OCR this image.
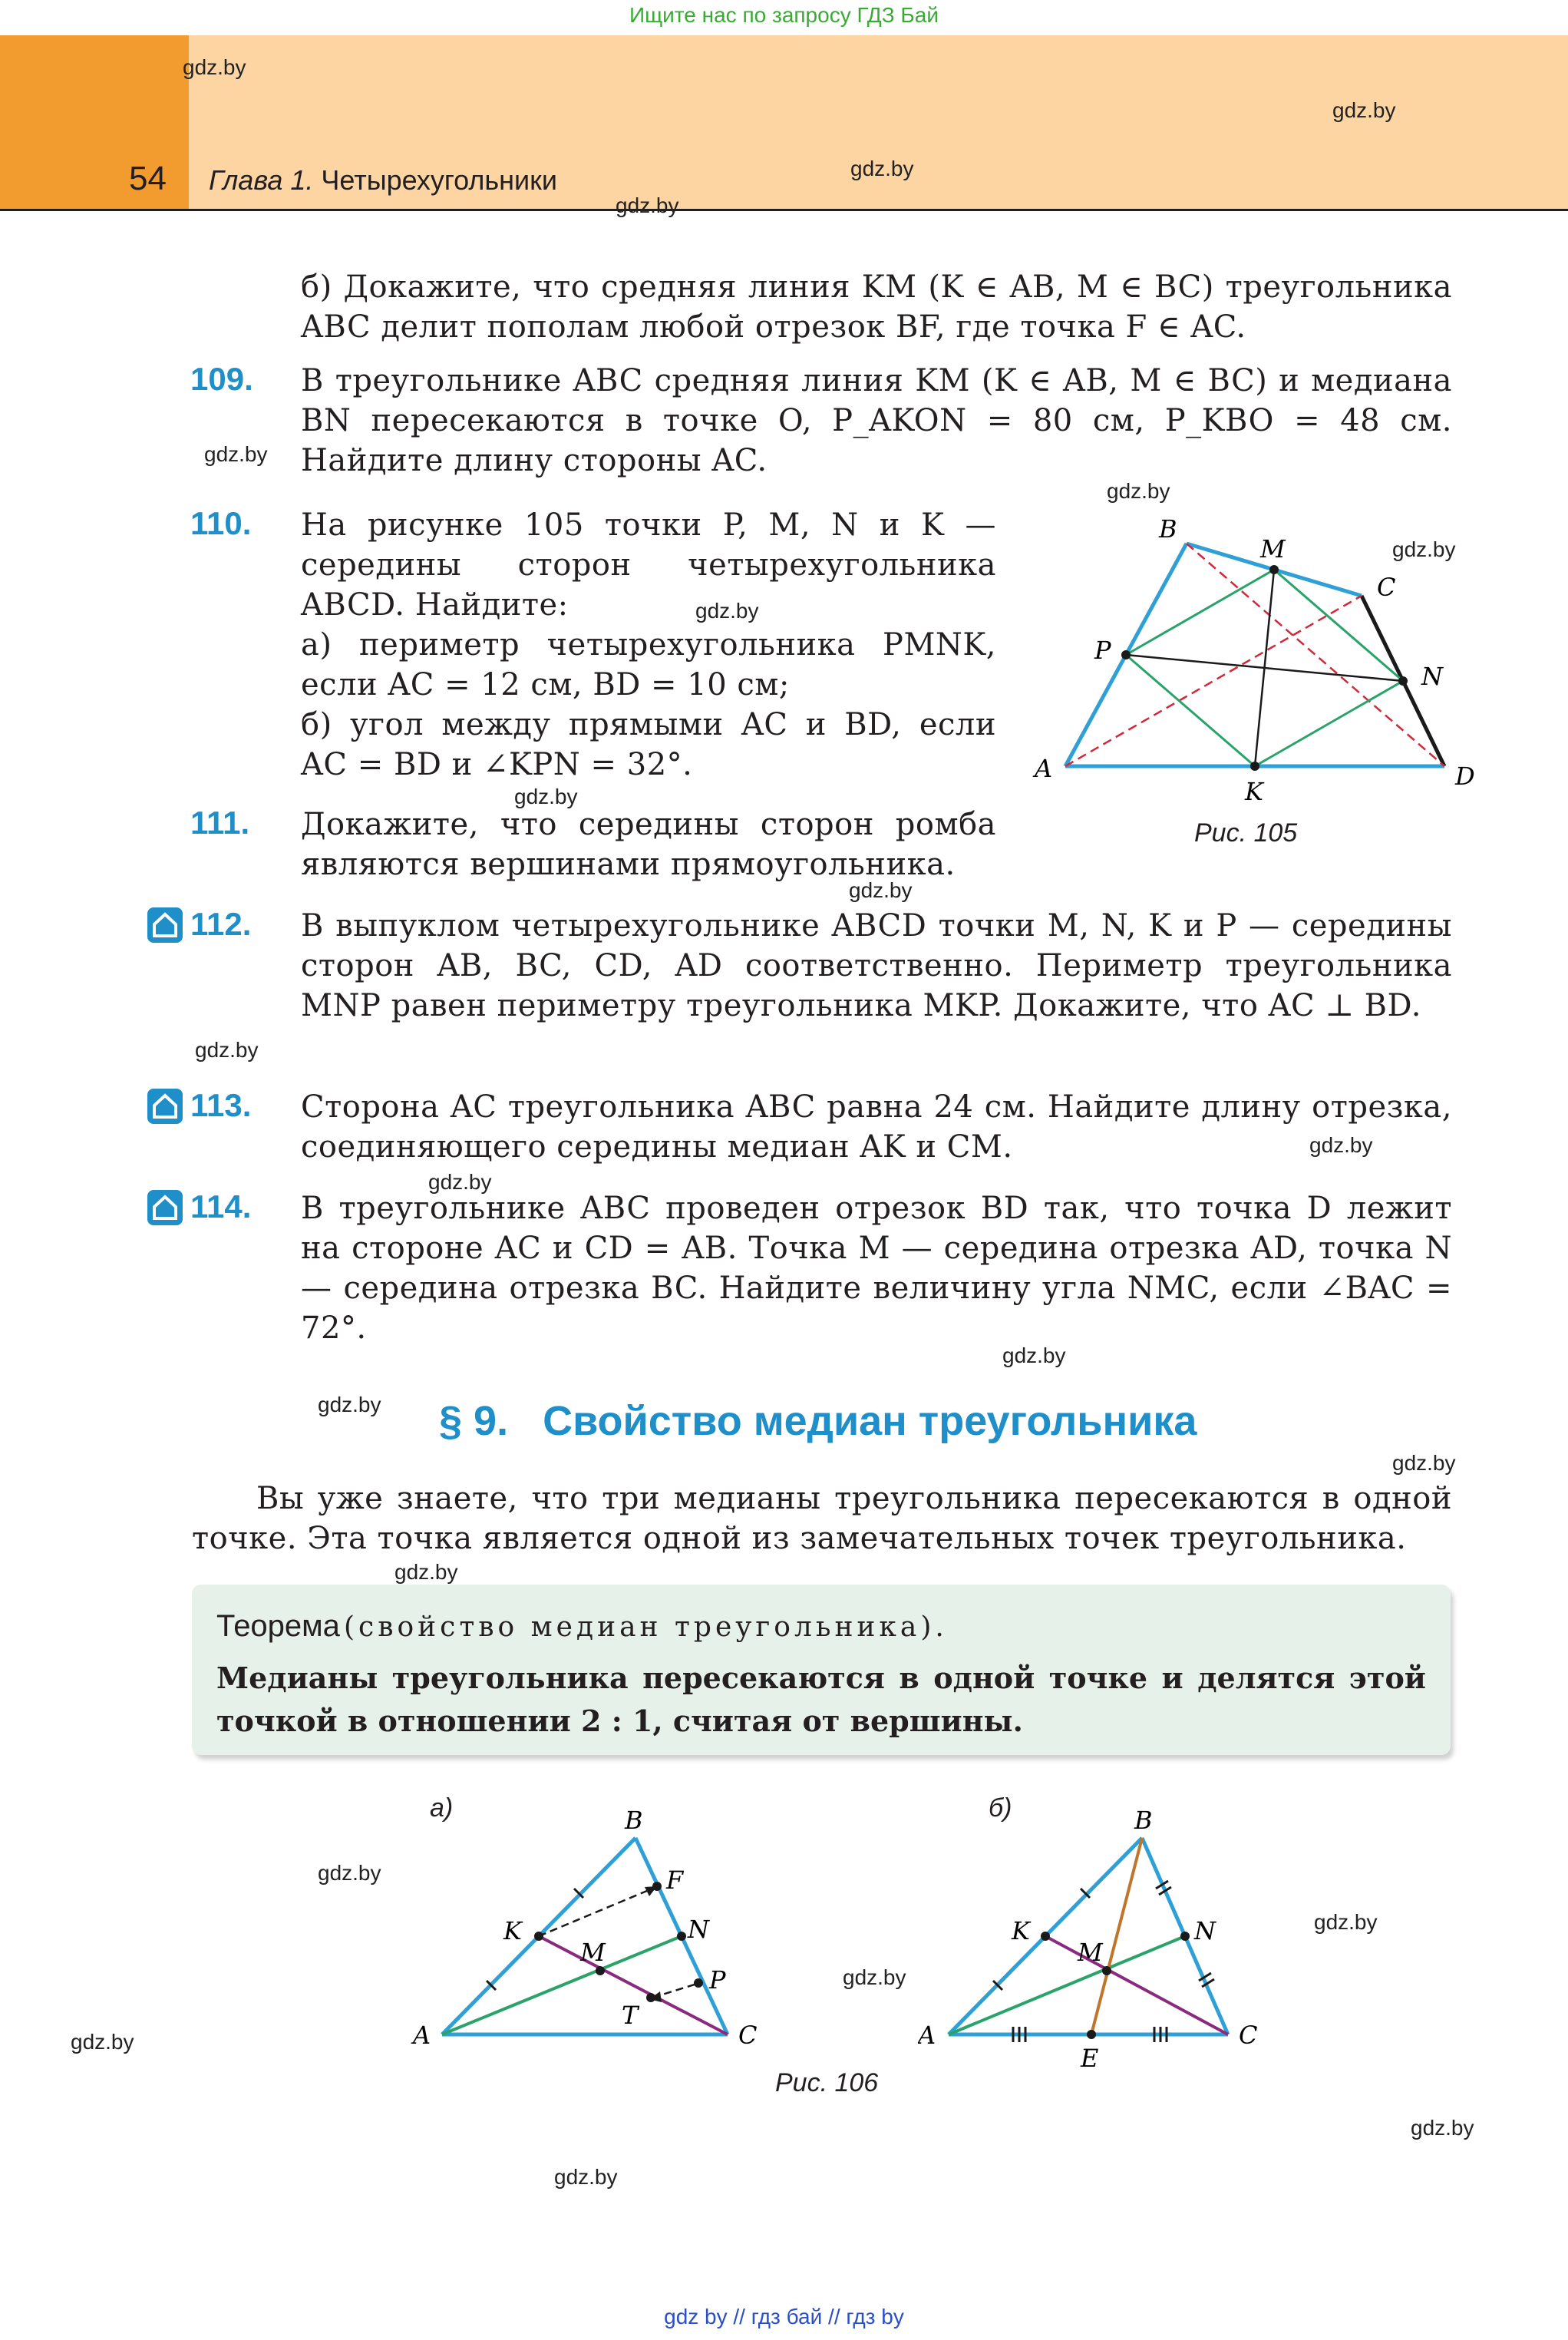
Ищите нас по запросу ГДЗ Бай
54 Глава 1. Четырехугольники
gdz.by
gdz.by
gdz.by
gdz.by
gdz.by
gdz.by
gdz.by
gdz.by
gdz.by
gdz.by
gdz.by
gdz.by
gdz.by
gdz.by
gdz.by
gdz.by
gdz.by
gdz.by
gdz.by
gdz.by
gdz.by
gdz.by
gdz.by
б) Докажите, что средняя линия KM (K ∈ AB, M ∈ BC) треугольника ABC делит пополам любой отрезок BF, где точка F ∈ AC.
109. В треугольнике ABC средняя линия KM (K ∈ AB, M ∈ BC) и медиана BN пересекаются в точке O, P_AKON = 80 см, P_KBO = 48 см. Найдите длину стороны AC.
110. На рисунке 105 точки P, M, N и K — середины сторон четырехугольника ABCD. Найдите:
а) периметр четырехугольника PMNK, если AC = 12 см, BD = 10 см;
б) угол между прямыми AC и BD, если AC = BD и ∠KPN = 32°.
111. Докажите, что середины сторон ромба являются вершинами прямоугольника.
A
B
C
D
M
N
K
P
Рис. 105
112. В выпуклом четырехугольнике ABCD точки M, N, K и P — середины сторон AB, BC, CD, AD соответственно. Периметр треугольника MNP равен периметру треугольника MKP. Докажите, что AC ⊥ BD.
113. Сторона AC треугольника ABC равна 24 см. Найдите длину отрезка, соединяющего середины медиан AK и CM.
114. В треугольнике ABC проведен отрезок BD так, что точка D лежит на стороне AC и CD = AB. Точка M — середина отрезка AD, точка N — середина отрезка BC. Найдите величину угла NMC, если ∠BAC = 72°.
§ 9.   Свойство медиан треугольника
Вы уже знаете, что три медианы треугольника пересекаются в одной точке. Эта точка является одной из замечательных точек треугольника.
Теорема (свойство медиан треугольника).
Медианы треугольника пересекаются в одной точке и делятся этой точкой в отношении 2 : 1, считая от вершины.
а)
A
B
C
K
M
N
F
P
T
б)
A
B
C
K
M
N
E
Рис. 106
gdz by // гдз бай // гдз by
